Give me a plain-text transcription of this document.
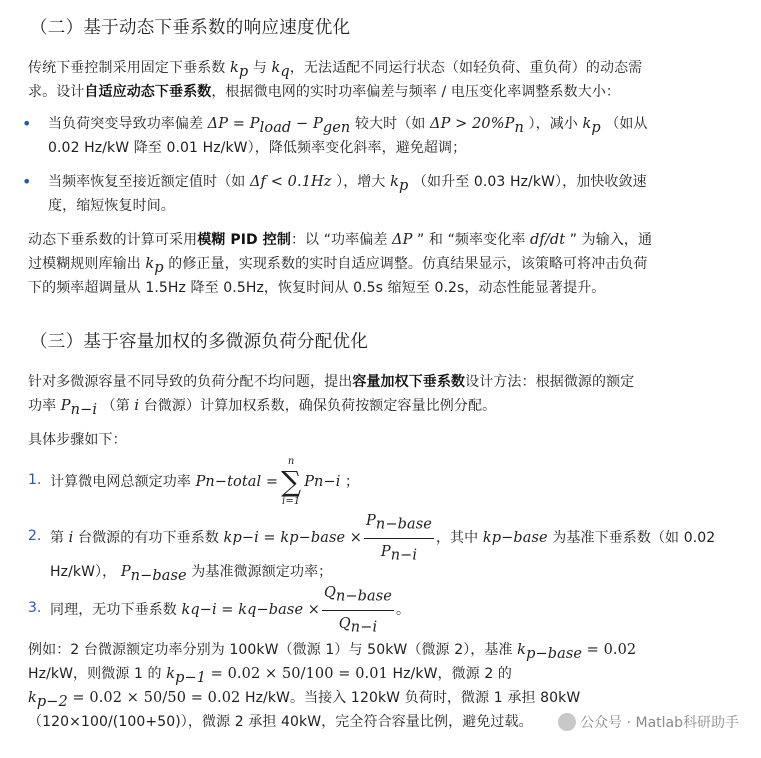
（二）基于动态下垂系数的响应速度优化
传统下垂控制采用固定下垂系数 $k_p$ 与 $k_q$，无法适配不同运行状态（如轻负荷、重负荷）的动态需
求。设计自适应动态下垂系数，根据微电网的实时功率偏差与频率 / 电压变化率调整系数大小：
•	当负荷突变导致功率偏差 $\Delta P = P_{load} - P_{gen}$ 较大时（如 $\Delta P > 20\%P_n$ ），减小 $k_p$ （如从
0.02 Hz/kW 降至 0.01 Hz/kW），降低频率变化斜率，避免超调；
•	当频率恢复至接近额定值时（如 Δf < 0.1Hz ），增大 $k_p$ （如升至 0.03 Hz/kW），加快收敛速
度，缩短恢复时间。
动态下垂系数的计算可采用模糊 PID 控制：以 “功率偏差 ΔP ” 和 “频率变化率 df/dt ” 为输入，通
过模糊规则库输出 $k_p$ 的修正量，实现系数的实时自适应调整。仿真结果显示，该策略可将冲击负荷
下的频率超调量从 1.5Hz 降至 0.5Hz，恢复时间从 0.5s 缩短至 0.2s，动态性能显著提升。
（三）基于容量加权的多微源负荷分配优化
针对多微源容量不同导致的负荷分配不均问题，提出容量加权下垂系数设计方法：根据微源的额定
功率 $P_{n-i}$ （第 i 台微源）计算加权系数，确保负荷按额定容量比例分配。
具体步骤如下：
1. 计算微电网总额定功率
P n−total
=
n
∑
i=1
P n−i
；
2. 第
i
台微源的有功下垂系数
k p−i
= k p−base
× $\frac{P_{n-base}}{P_{n-i}}$ ，其中
k p−base
为基准下垂系数（如 0.02
Hz/kW）， $P_{n-base}$ 为基准微源额定功率；
3. 同理，无功下垂系数
k q−i
= k q−base
× $\frac{Q_{n-base}}{Q_{n-i}}$ 。
例如：2 台微源额定功率分别为 100kW（微源 1）与 50kW（微源 2），基准 $k_{p-base} = 0.02$
Hz/kW，则微源 1 的 $k_{p-1} = 0.02 \times 50/100 = 0.01$ Hz/kW，微源 2 的
$k_{p-2} = 0.02 \times 50/50 = 0.02$ Hz/kW。当接入 120kW 负荷时，微源 1 承担 80kW
（120×100/(100+50)），微源 2 承担 40kW，完全符合容量比例，避免过载。	公众号 · Matlab科研助手
